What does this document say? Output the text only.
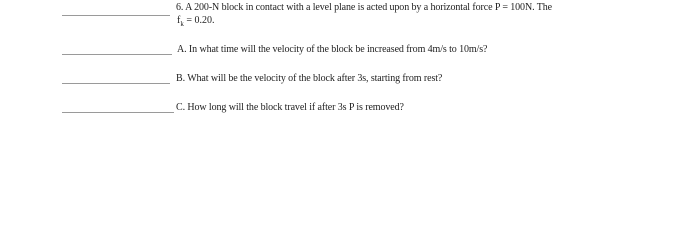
6. A 200-N block in contact with a level plane is acted upon by a horizontal force P = 100N. The
$f_k = 0.20$.
A. In what time will the velocity of the block be increased from 4m/s to 10m/s?
B. What will be the velocity of the block after 3s, starting from rest?
C. How long will the block travel if after 3s P is removed?
